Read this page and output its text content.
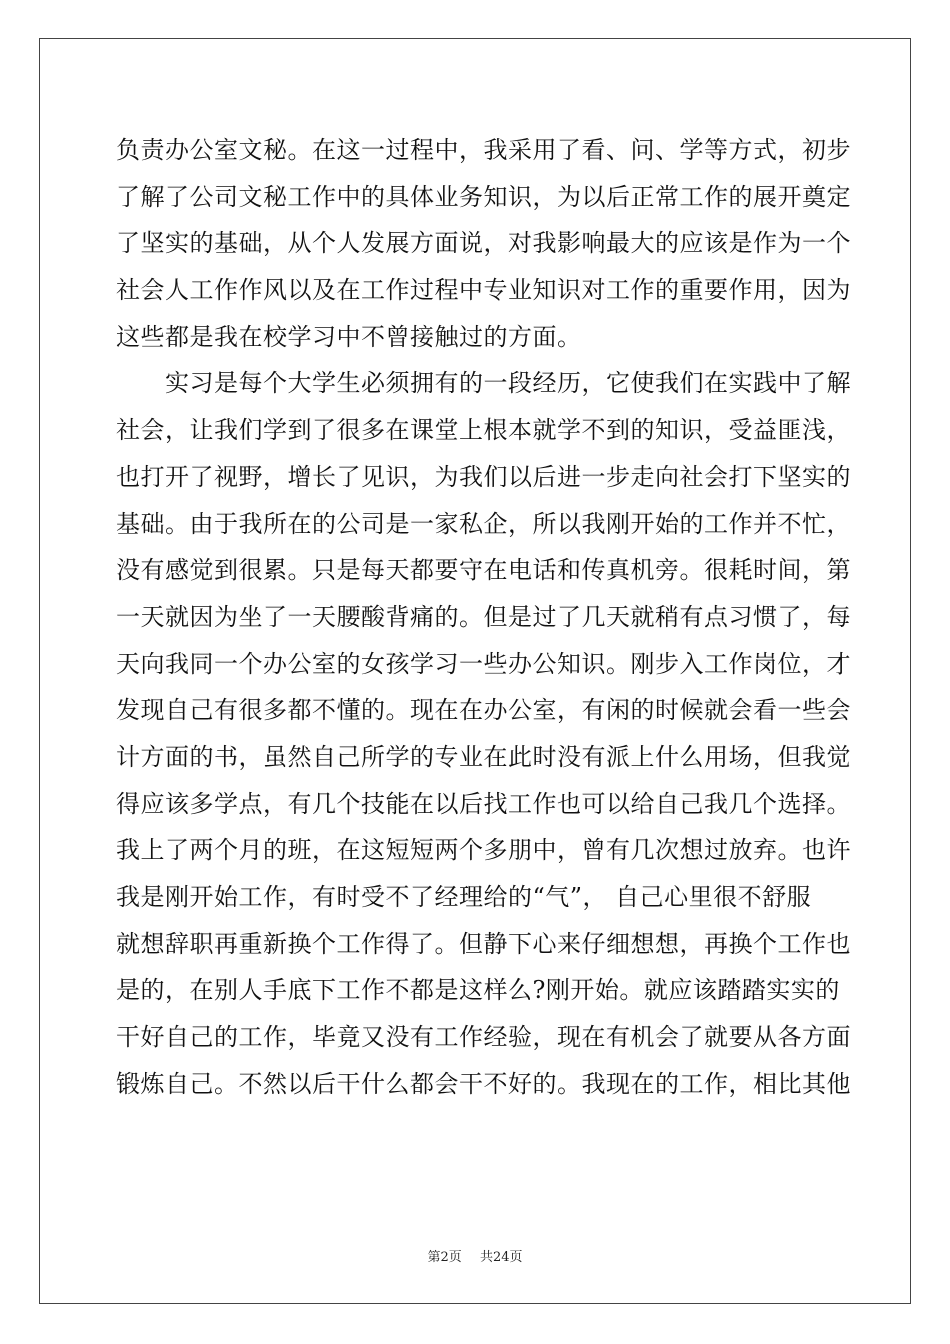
负责办公室文秘。在这一过程中，我采用了看、问、学等方式，初步
了解了公司文秘工作中的具体业务知识，为以后正常工作的展开奠定
了坚实的基础，从个人发展方面说，对我影响最大的应该是作为一个
社会人工作作风以及在工作过程中专业知识对工作的重要作用，因为
这些都是我在校学习中不曾接触过的方面。
　　实习是每个大学生必须拥有的一段经历，它使我们在实践中了解
社会，让我们学到了很多在课堂上根本就学不到的知识，受益匪浅，
也打开了视野，增长了见识，为我们以后进一步走向社会打下坚实的
基础。由于我所在的公司是一家私企，所以我刚开始的工作并不忙，
没有感觉到很累。只是每天都要守在电话和传真机旁。很耗时间，第
一天就因为坐了一天腰酸背痛的。但是过了几天就稍有点习惯了，每
天向我同一个办公室的女孩学习一些办公知识。刚步入工作岗位，才
发现自己有很多都不懂的。现在在办公室，有闲的时候就会看一些会
计方面的书，虽然自己所学的专业在此时没有派上什么用场，但我觉
得应该多学点，有几个技能在以后找工作也可以给自己我几个选择。
我上了两个月的班，在这短短两个多朋中，曾有几次想过放弃。也许
我是刚开始工作，有时受不了经理给的“气”， 自己心里很不舒服
就想辞职再重新换个工作得了。但静下心来仔细想想，再换个工作也
是的，在别人手底下工作不都是这样么?刚开始。就应该踏踏实实的
干好自己的工作，毕竟又没有工作经验，现在有机会了就要从各方面
锻炼自己。不然以后干什么都会干不好的。我现在的工作，相比其他
第2页 共24页
